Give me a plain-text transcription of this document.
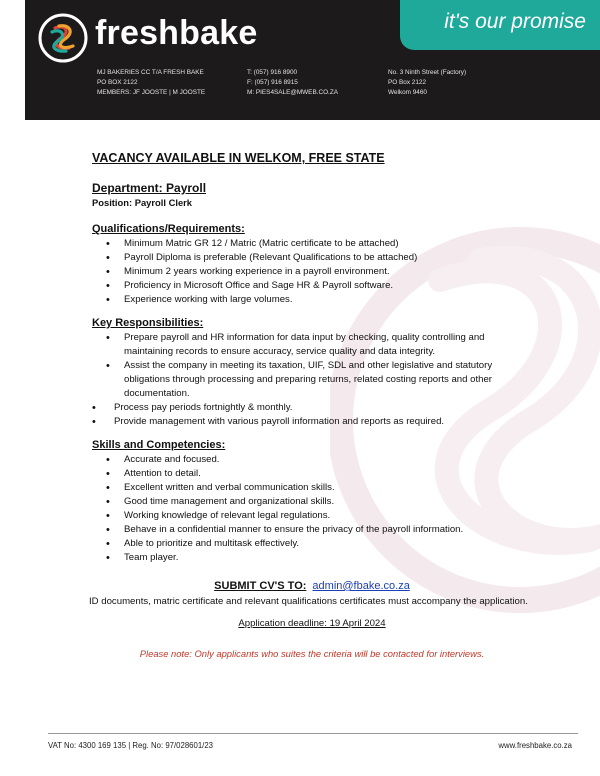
freshbake	it's our promise
MJ BAKERIES CC T/A FRESH BAKE
PO BOX 2122
MEMBERS: JF JOOSTE | M JOOSTE
T: (057) 916 8900
F: (057) 916 8915
M: PIES4SALE@MWEB.CO.ZA
No. 3 Ninth Street (Factory)
PO Box 2122
Welkom 9460
VACANCY AVAILABLE IN WELKOM, FREE STATE
Department: Payroll
Position: Payroll Clerk
Qualifications/Requirements:
• Minimum Matric GR 12 / Matric (Matric certificate to be attached)
• Payroll Diploma is preferable (Relevant Qualifications to be attached)
• Minimum 2 years working experience in a payroll environment.
• Proficiency in Microsoft Office and Sage HR & Payroll software.
• Experience working with large volumes.
Key Responsibilities:
• Prepare payroll and HR information for data input by checking, quality controlling and maintaining records to ensure accuracy, service quality and data integrity.
• Assist the company in meeting its taxation, UIF, SDL and other legislative and statutory obligations through processing and preparing returns, related costing reports and other documentation.
• Process pay periods fortnightly & monthly.
• Provide management with various payroll information and reports as required.
Skills and Competencies:
• Accurate and focused.
• Attention to detail.
• Excellent written and verbal communication skills.
• Good time management and organizational skills.
• Working knowledge of relevant legal regulations.
• Behave in a confidential manner to ensure the privacy of the payroll information.
• Able to prioritize and multitask effectively.
• Team player.
SUBMIT CV'S TO: admin@fbake.co.za
ID documents, matric certificate and relevant qualifications certificates must accompany the application.
Application deadline: 19 April 2024
Please note: Only applicants who suites the criteria will be contacted for interviews.
VAT No: 4300 169 135 | Reg. No: 97/028601/23	www.freshbake.co.za
